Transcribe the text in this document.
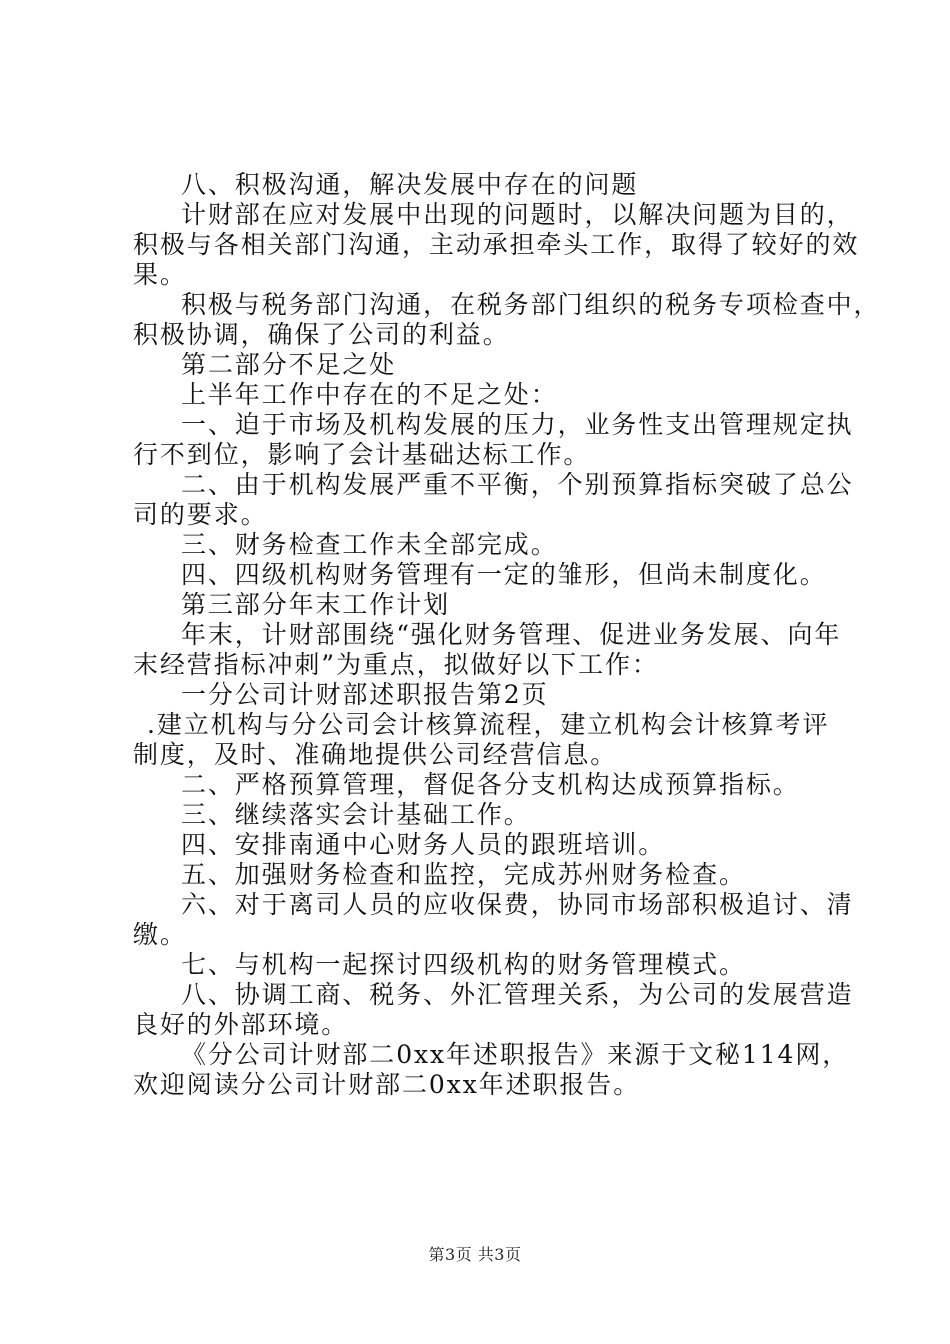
八、积极沟通，解决发展中存在的问题
计财部在应对发展中出现的问题时，以解决问题为目的，
积极与各相关部门沟通，主动承担牵头工作，取得了较好的效
果。
积极与税务部门沟通，在税务部门组织的税务专项检查中，
积极协调，确保了公司的利益。
第二部分不足之处
上半年工作中存在的不足之处：
一、迫于市场及机构发展的压力，业务性支出管理规定执
行不到位，影响了会计基础达标工作。
二、由于机构发展严重不平衡，个别预算指标突破了总公
司的要求。
三、财务检查工作未全部完成。
四、四级机构财务管理有一定的雏形，但尚未制度化。
第三部分年末工作计划
年末，计财部围绕“强化财务管理、促进业务发展、向年
末经营指标冲刺”为重点，拟做好以下工作：
一分公司计财部述职报告第2页
.建立机构与分公司会计核算流程，建立机构会计核算考评
制度，及时、准确地提供公司经营信息。
二、严格预算管理，督促各分支机构达成预算指标。
三、继续落实会计基础工作。
四、安排南通中心财务人员的跟班培训。
五、加强财务检查和监控，完成苏州财务检查。
六、对于离司人员的应收保费，协同市场部积极追讨、清
缴。
七、与机构一起探讨四级机构的财务管理模式。
八、协调工商、税务、外汇管理关系，为公司的发展营造
良好的外部环境。
《分公司计财部二0xx年述职报告》来源于文秘114网，
欢迎阅读分公司计财部二0xx年述职报告。
第3页 共3页
